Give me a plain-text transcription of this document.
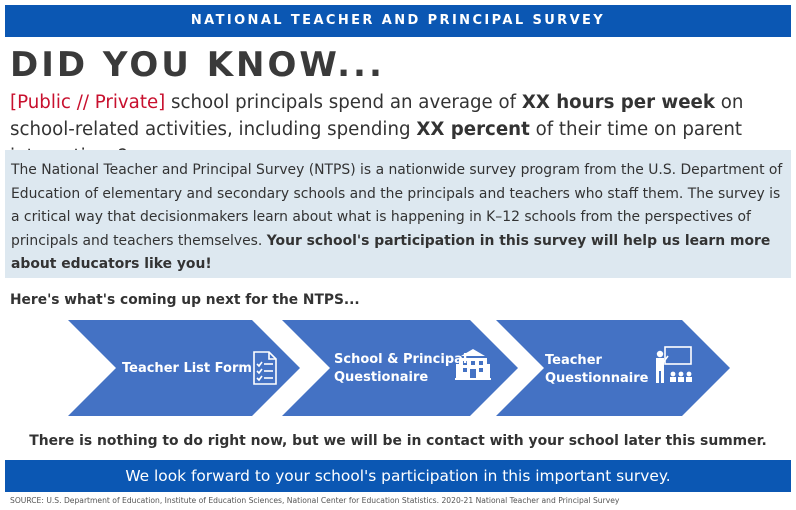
NATIONAL TEACHER AND PRINCIPAL SURVEY
DID YOU KNOW...
[Public // Private] school principals spend an average of XX hours per week on school-related activities, including spending XX percent of their time on parent
The National Teacher and Principal Survey (NTPS) is a nationwide survey program from the U.S. Department of Education of elementary and secondary schools and the principals and teachers who staff them. The survey is a critical way that decisionmakers learn about what is happening in K–12 schools from the perspectives of principals and teachers themselves. Your school's participation in this survey will help us learn more about educators like you!
Here's what's coming up next for the NTPS...
Teacher List Form
School & Principal
Questionaire
Teacher
Questionnaire
There is nothing to do right now, but we will be in contact with your school later this summer.
We look forward to your school's participation in this important survey.
SOURCE: U.S. Department of Education, Institute of Education Sciences, National Center for Education Statistics. 2020-21 National Teacher and Principal Survey
